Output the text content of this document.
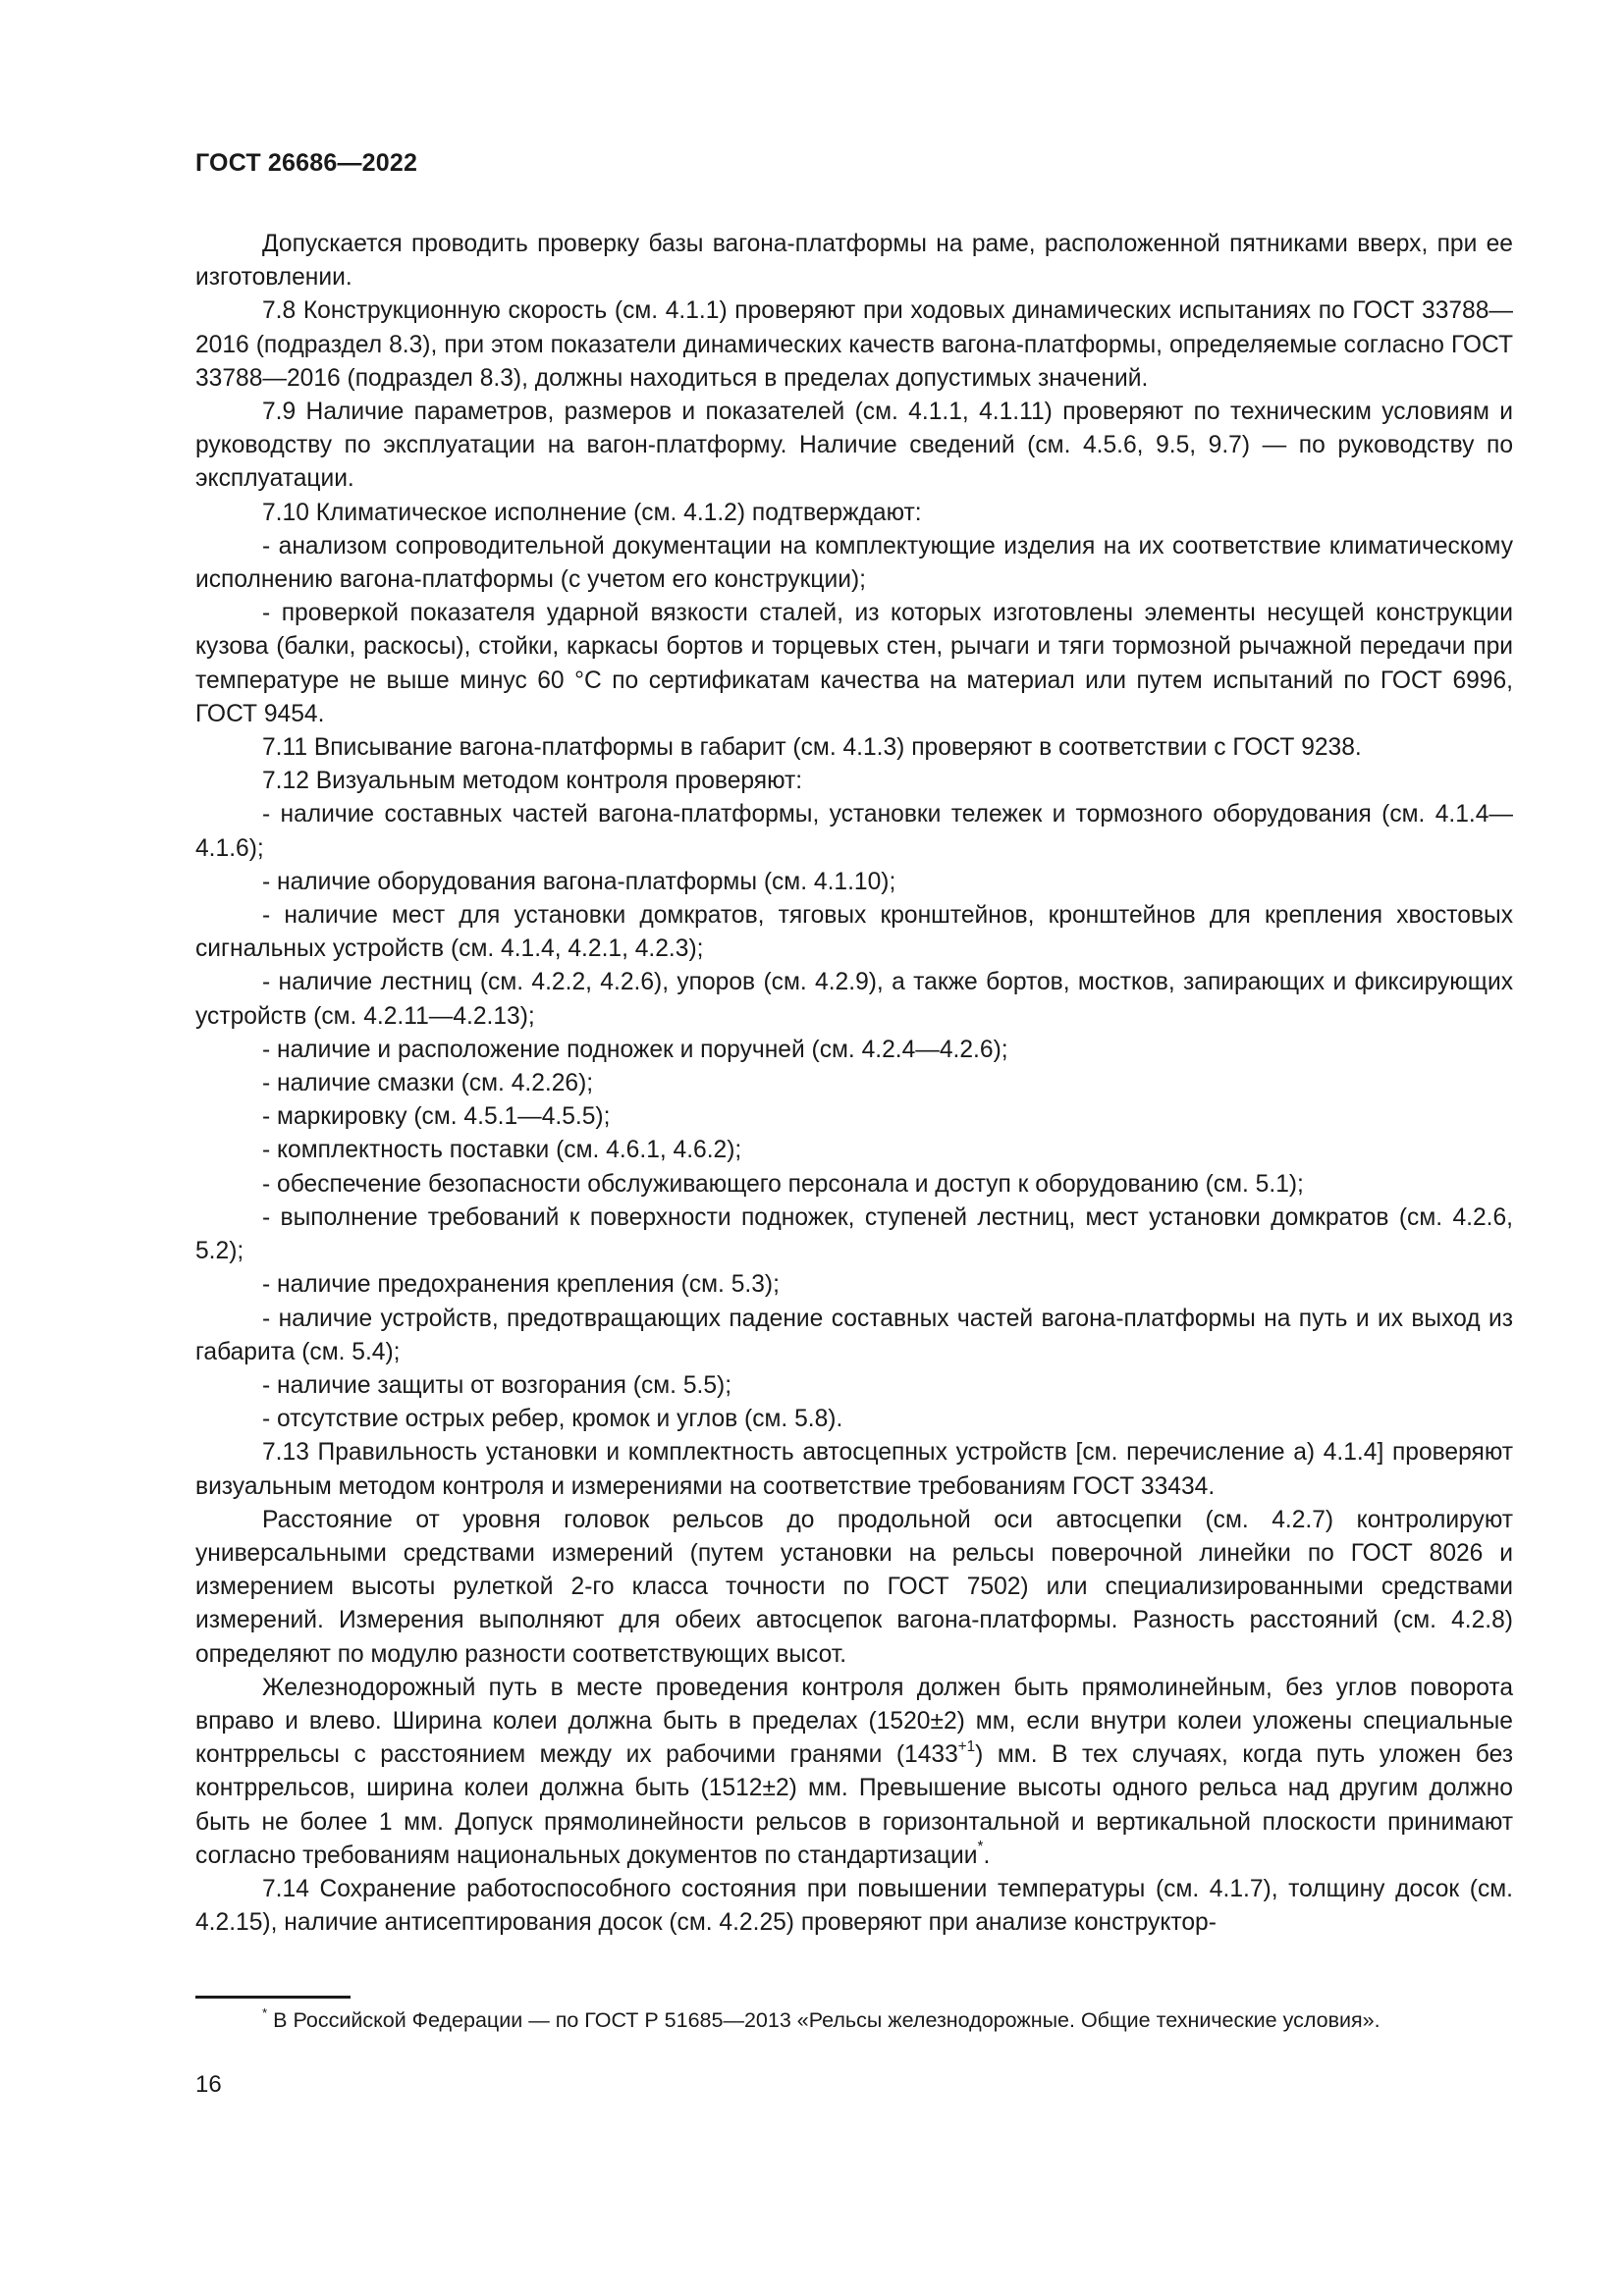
ГОСТ 26686—2022

Допускается проводить проверку базы вагона-платформы на раме, расположенной пятниками вверх, при ее изготовлении.

7.8 Конструкционную скорость (см. 4.1.1) проверяют при ходовых динамических испытаниях по ГОСТ 33788—2016 (подраздел 8.3), при этом показатели динамических качеств вагона-платформы, определяемые согласно ГОСТ 33788—2016 (подраздел 8.3), должны находиться в пределах допустимых значений.

7.9 Наличие параметров, размеров и показателей (см. 4.1.1, 4.1.11) проверяют по техническим условиям и руководству по эксплуатации на вагон-платформу. Наличие сведений (см. 4.5.6, 9.5, 9.7) — по руководству по эксплуатации.

7.10 Климатическое исполнение (см. 4.1.2) подтверждают:

- анализом сопроводительной документации на комплектующие изделия на их соответствие климатическому исполнению вагона-платформы (с учетом его конструкции);

- проверкой показателя ударной вязкости сталей, из которых изготовлены элементы несущей конструкции кузова (балки, раскосы), стойки, каркасы бортов и торцевых стен, рычаги и тяги тормозной рычажной передачи при температуре не выше минус 60 °С по сертификатам качества на материал или путем испытаний по ГОСТ 6996, ГОСТ 9454.

7.11 Вписывание вагона-платформы в габарит (см. 4.1.3) проверяют в соответствии с ГОСТ 9238.

7.12 Визуальным методом контроля проверяют:

- наличие составных частей вагона-платформы, установки тележек и тормозного оборудования (см. 4.1.4—4.1.6);

- наличие оборудования вагона-платформы (см. 4.1.10);

- наличие мест для установки домкратов, тяговых кронштейнов, кронштейнов для крепления хвостовых сигнальных устройств (см. 4.1.4, 4.2.1, 4.2.3);

- наличие лестниц (см. 4.2.2, 4.2.6), упоров (см. 4.2.9), а также бортов, мостков, запирающих и фиксирующих устройств (см. 4.2.11—4.2.13);

- наличие и расположение подножек и поручней (см. 4.2.4—4.2.6);

- наличие смазки (см. 4.2.26);

- маркировку (см. 4.5.1—4.5.5);

- комплектность поставки (см. 4.6.1, 4.6.2);

- обеспечение безопасности обслуживающего персонала и доступ к оборудованию (см. 5.1);

- выполнение требований к поверхности подножек, ступеней лестниц, мест установки домкратов (см. 4.2.6, 5.2);

- наличие предохранения крепления (см. 5.3);

- наличие устройств, предотвращающих падение составных частей вагона-платформы на путь и их выход из габарита (см. 5.4);

- наличие защиты от возгорания (см. 5.5);

- отсутствие острых ребер, кромок и углов (см. 5.8).

7.13 Правильность установки и комплектность автосцепных устройств [см. перечисление а) 4.1.4] проверяют визуальным методом контроля и измерениями на соответствие требованиям ГОСТ 33434.

Расстояние от уровня головок рельсов до продольной оси автосцепки (см. 4.2.7) контролируют универсальными средствами измерений (путем установки на рельсы поверочной линейки по ГОСТ 8026 и измерением высоты рулеткой 2-го класса точности по ГОСТ 7502) или специализированными средствами измерений. Измерения выполняют для обеих автосцепок вагона-платформы. Разность расстояний (см. 4.2.8) определяют по модулю разности соответствующих высот.

Железнодорожный путь в месте проведения контроля должен быть прямолинейным, без углов поворота вправо и влево. Ширина колеи должна быть в пределах (1520±2) мм, если внутри колеи уложены специальные контррельсы с расстоянием между их рабочими гранями $(1433^{+1})$ мм. В тех случаях, когда путь уложен без контррельсов, ширина колеи должна быть (1512±2) мм. Превышение высоты одного рельса над другим должно быть не более 1 мм. Допуск прямолинейности рельсов в горизонтальной и вертикальной плоскости принимают согласно требованиям национальных документов по стандартизации*.

7.14 Сохранение работоспособного состояния при повышении температуры (см. 4.1.7), толщину досок (см. 4.2.15), наличие антисептирования досок (см. 4.2.25) проверяют при анализе конструктор-

* В Российской Федерации — по ГОСТ Р 51685—2013 «Рельсы железнодорожные. Общие технические условия».

16
